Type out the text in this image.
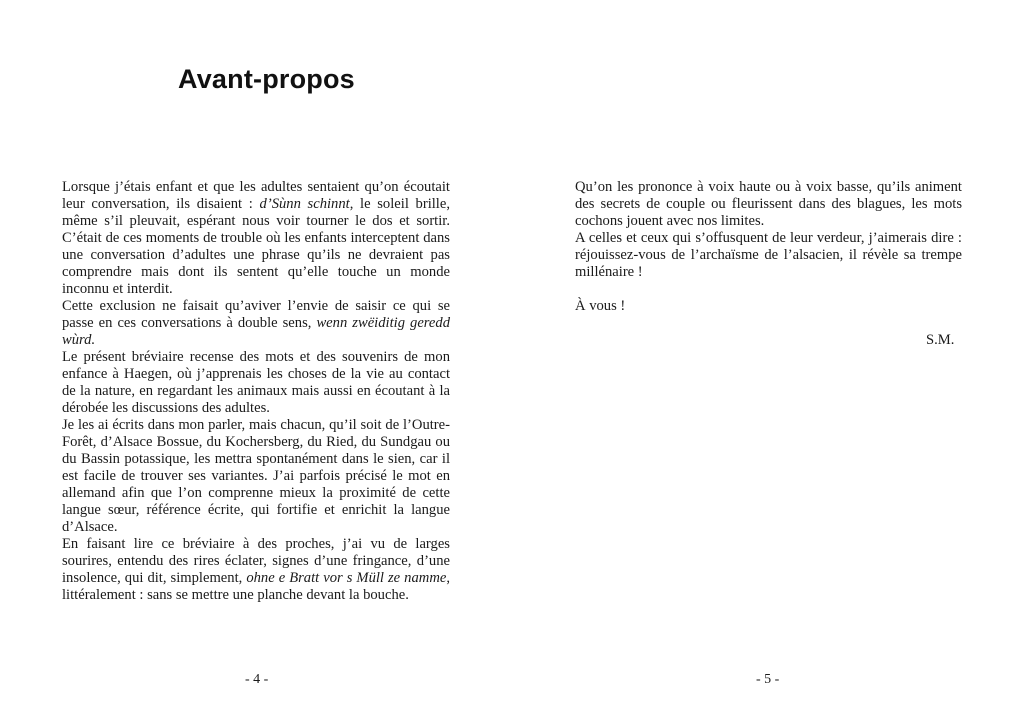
Avant-propos

Lorsque j’étais enfant et que les adultes sentaient qu’on écoutait leur conversation, ils disaient : d’Sùnn schinnt, le soleil brille, même s’il pleuvait, espérant nous voir tourner le dos et sortir. C’était de ces moments de trouble où les enfants interceptent dans une conversation d’adultes une phrase qu’ils ne devraient pas comprendre mais dont ils sentent qu’elle touche un monde inconnu et interdit.

Cette exclusion ne faisait qu’aviver l’envie de saisir ce qui se passe en ces conversations à double sens, wenn zwëiditig geredd wùrd.

Le présent bréviaire recense des mots et des souvenirs de mon enfance à Haegen, où j’apprenais les choses de la vie au contact de la nature, en regardant les animaux mais aussi en écoutant à la dérobée les discussions des adultes.

Je les ai écrits dans mon parler, mais chacun, qu’il soit de l’Outre-Forêt, d’Alsace Bossue, du Kochersberg, du Ried, du Sundgau ou du Bassin potassique, les mettra spontanément dans le sien, car il est facile de trouver ses variantes. J’ai parfois précisé le mot en allemand afin que l’on comprenne mieux la proximité de cette langue sœur, référence écrite, qui fortifie et enrichit la langue d’Alsace.

En faisant lire ce bréviaire à des proches, j’ai vu de larges sourires, entendu des rires éclater, signes d’une fringance, d’une insolence, qui dit, simplement, ohne e Bratt vor s Müll ze namme, littéralement : sans se mettre une planche devant la bouche.

- 4 -

Qu’on les prononce à voix haute ou à voix basse, qu’ils animent des secrets de couple ou fleurissent dans des blagues, les mots cochons jouent avec nos limites.

A celles et ceux qui s’offusquent de leur verdeur, j’aimerais dire : réjouissez-vous de l’archaïsme de l’alsacien, il révèle sa trempe millénaire !

À vous !

S.M.
- 5 -
